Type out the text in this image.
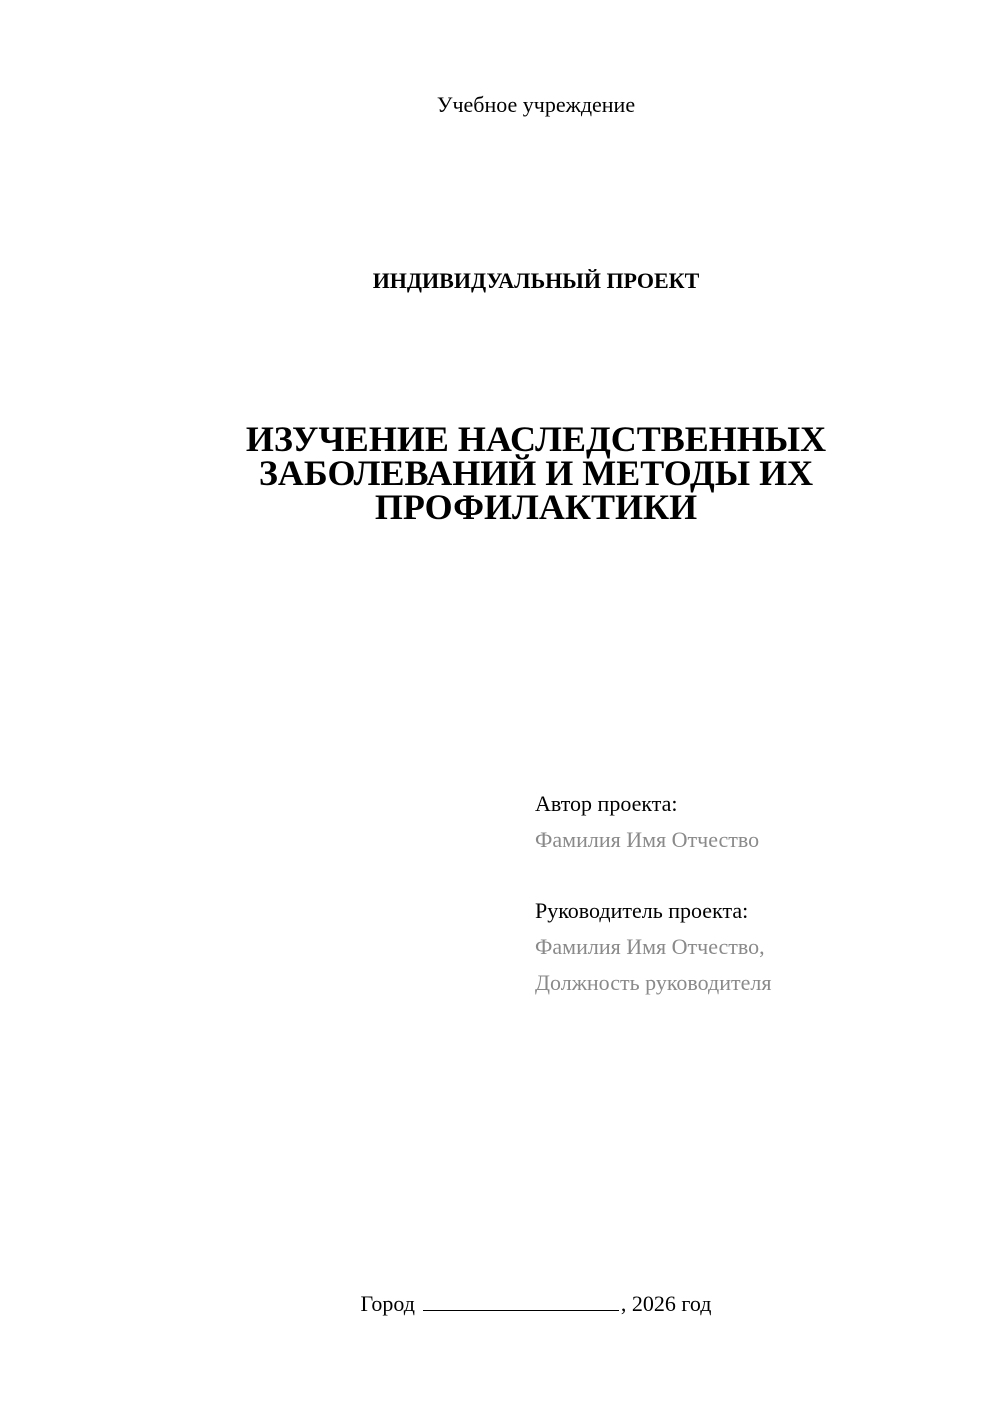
Учебное учреждение
ИНДИВИДУАЛЬНЫЙ ПРОЕКТ
ИЗУЧЕНИЕ НАСЛЕДСТВЕННЫХ
ЗАБОЛЕВАНИЙ И МЕТОДЫ ИХ
ПРОФИЛАКТИКИ
Автор проекта:
Фамилия Имя Отчество
Руководитель проекта:
Фамилия Имя Отчество,
Должность руководителя
Город	, 2026 год
